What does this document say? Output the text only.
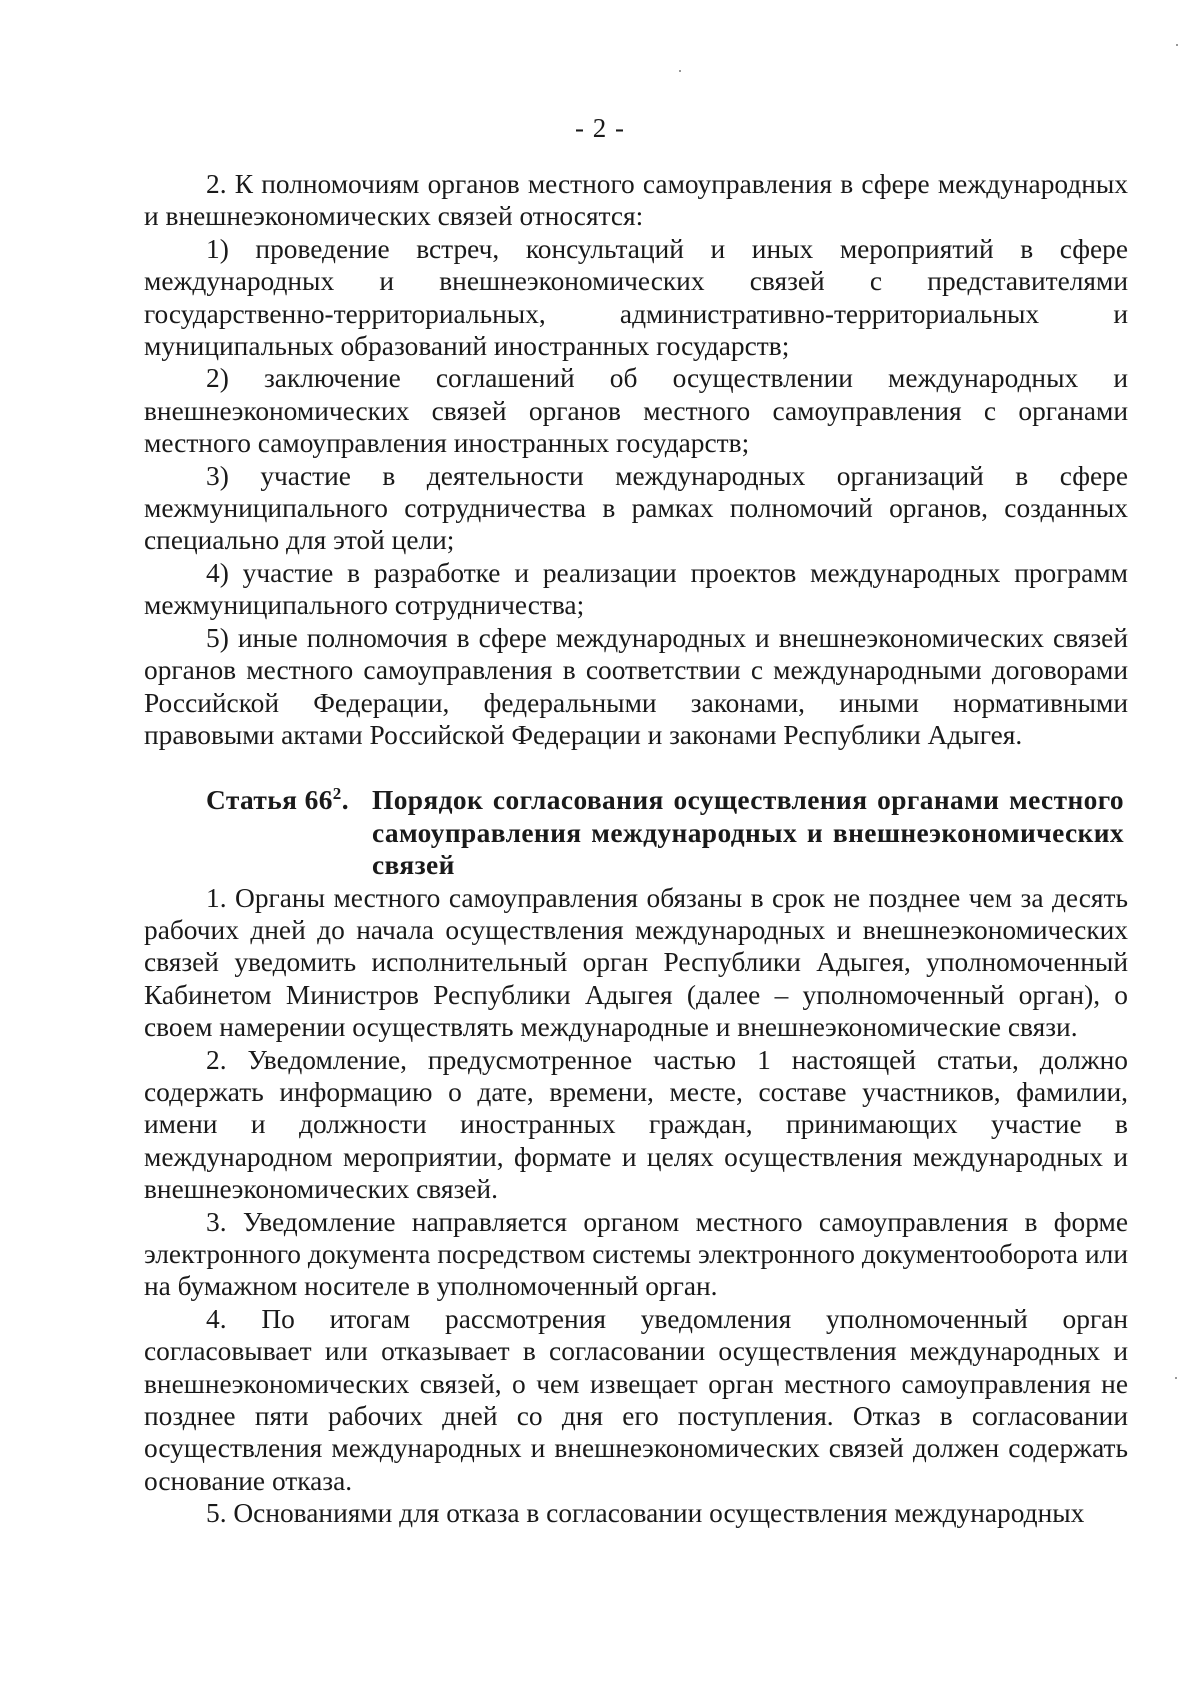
- 2 -

2. К полномочиям органов местного самоуправления в сфере международных и внешнеэкономических связей относятся:

1) проведение встреч, консультаций и иных мероприятий в сфере международных и внешнеэкономических связей с представителями государственно-территориальных, административно-территориальных и муниципальных образований иностранных государств;

2) заключение соглашений об осуществлении международных и внешнеэкономических связей органов местного самоуправления с органами местного самоуправления иностранных государств;

3) участие в деятельности международных организаций в сфере межмуниципального сотрудничества в рамках полномочий органов, созданных специально для этой цели;

4) участие в разработке и реализации проектов международных программ межмуниципального сотрудничества;

5) иные полномочия в сфере международных и внешнеэкономических связей органов местного самоуправления в соответствии с международными договорами Российской Федерации, федеральными законами, иными нормативными правовыми актами Российской Федерации и законами Республики Адыгея.

Статья $66^2$. Порядок согласования осуществления органами местного самоуправления международных и внешнеэкономических связей

1. Органы местного самоуправления обязаны в срок не позднее чем за десять рабочих дней до начала осуществления международных и внешнеэкономических связей уведомить исполнительный орган Республики Адыгея, уполномоченный Кабинетом Министров Республики Адыгея (далее – уполномоченный орган), о своем намерении осуществлять международные и внешнеэкономические связи.

2. Уведомление, предусмотренное частью 1 настоящей статьи, должно содержать информацию о дате, времени, месте, составе участников, фамилии, имени и должности иностранных граждан, принимающих участие в международном мероприятии, формате и целях осуществления международных и внешнеэкономических связей.

3. Уведомление направляется органом местного самоуправления в форме электронного документа посредством системы электронного документооборота или на бумажном носителе в уполномоченный орган.

4. По итогам рассмотрения уведомления уполномоченный орган согласовывает или отказывает в согласовании осуществления международных и внешнеэкономических связей, о чем извещает орган местного самоуправления не позднее пяти рабочих дней со дня его поступления. Отказ в согласовании осуществления международных и внешнеэкономических связей должен содержать основание отказа.

5. Основаниями для отказа в согласовании осуществления международных
